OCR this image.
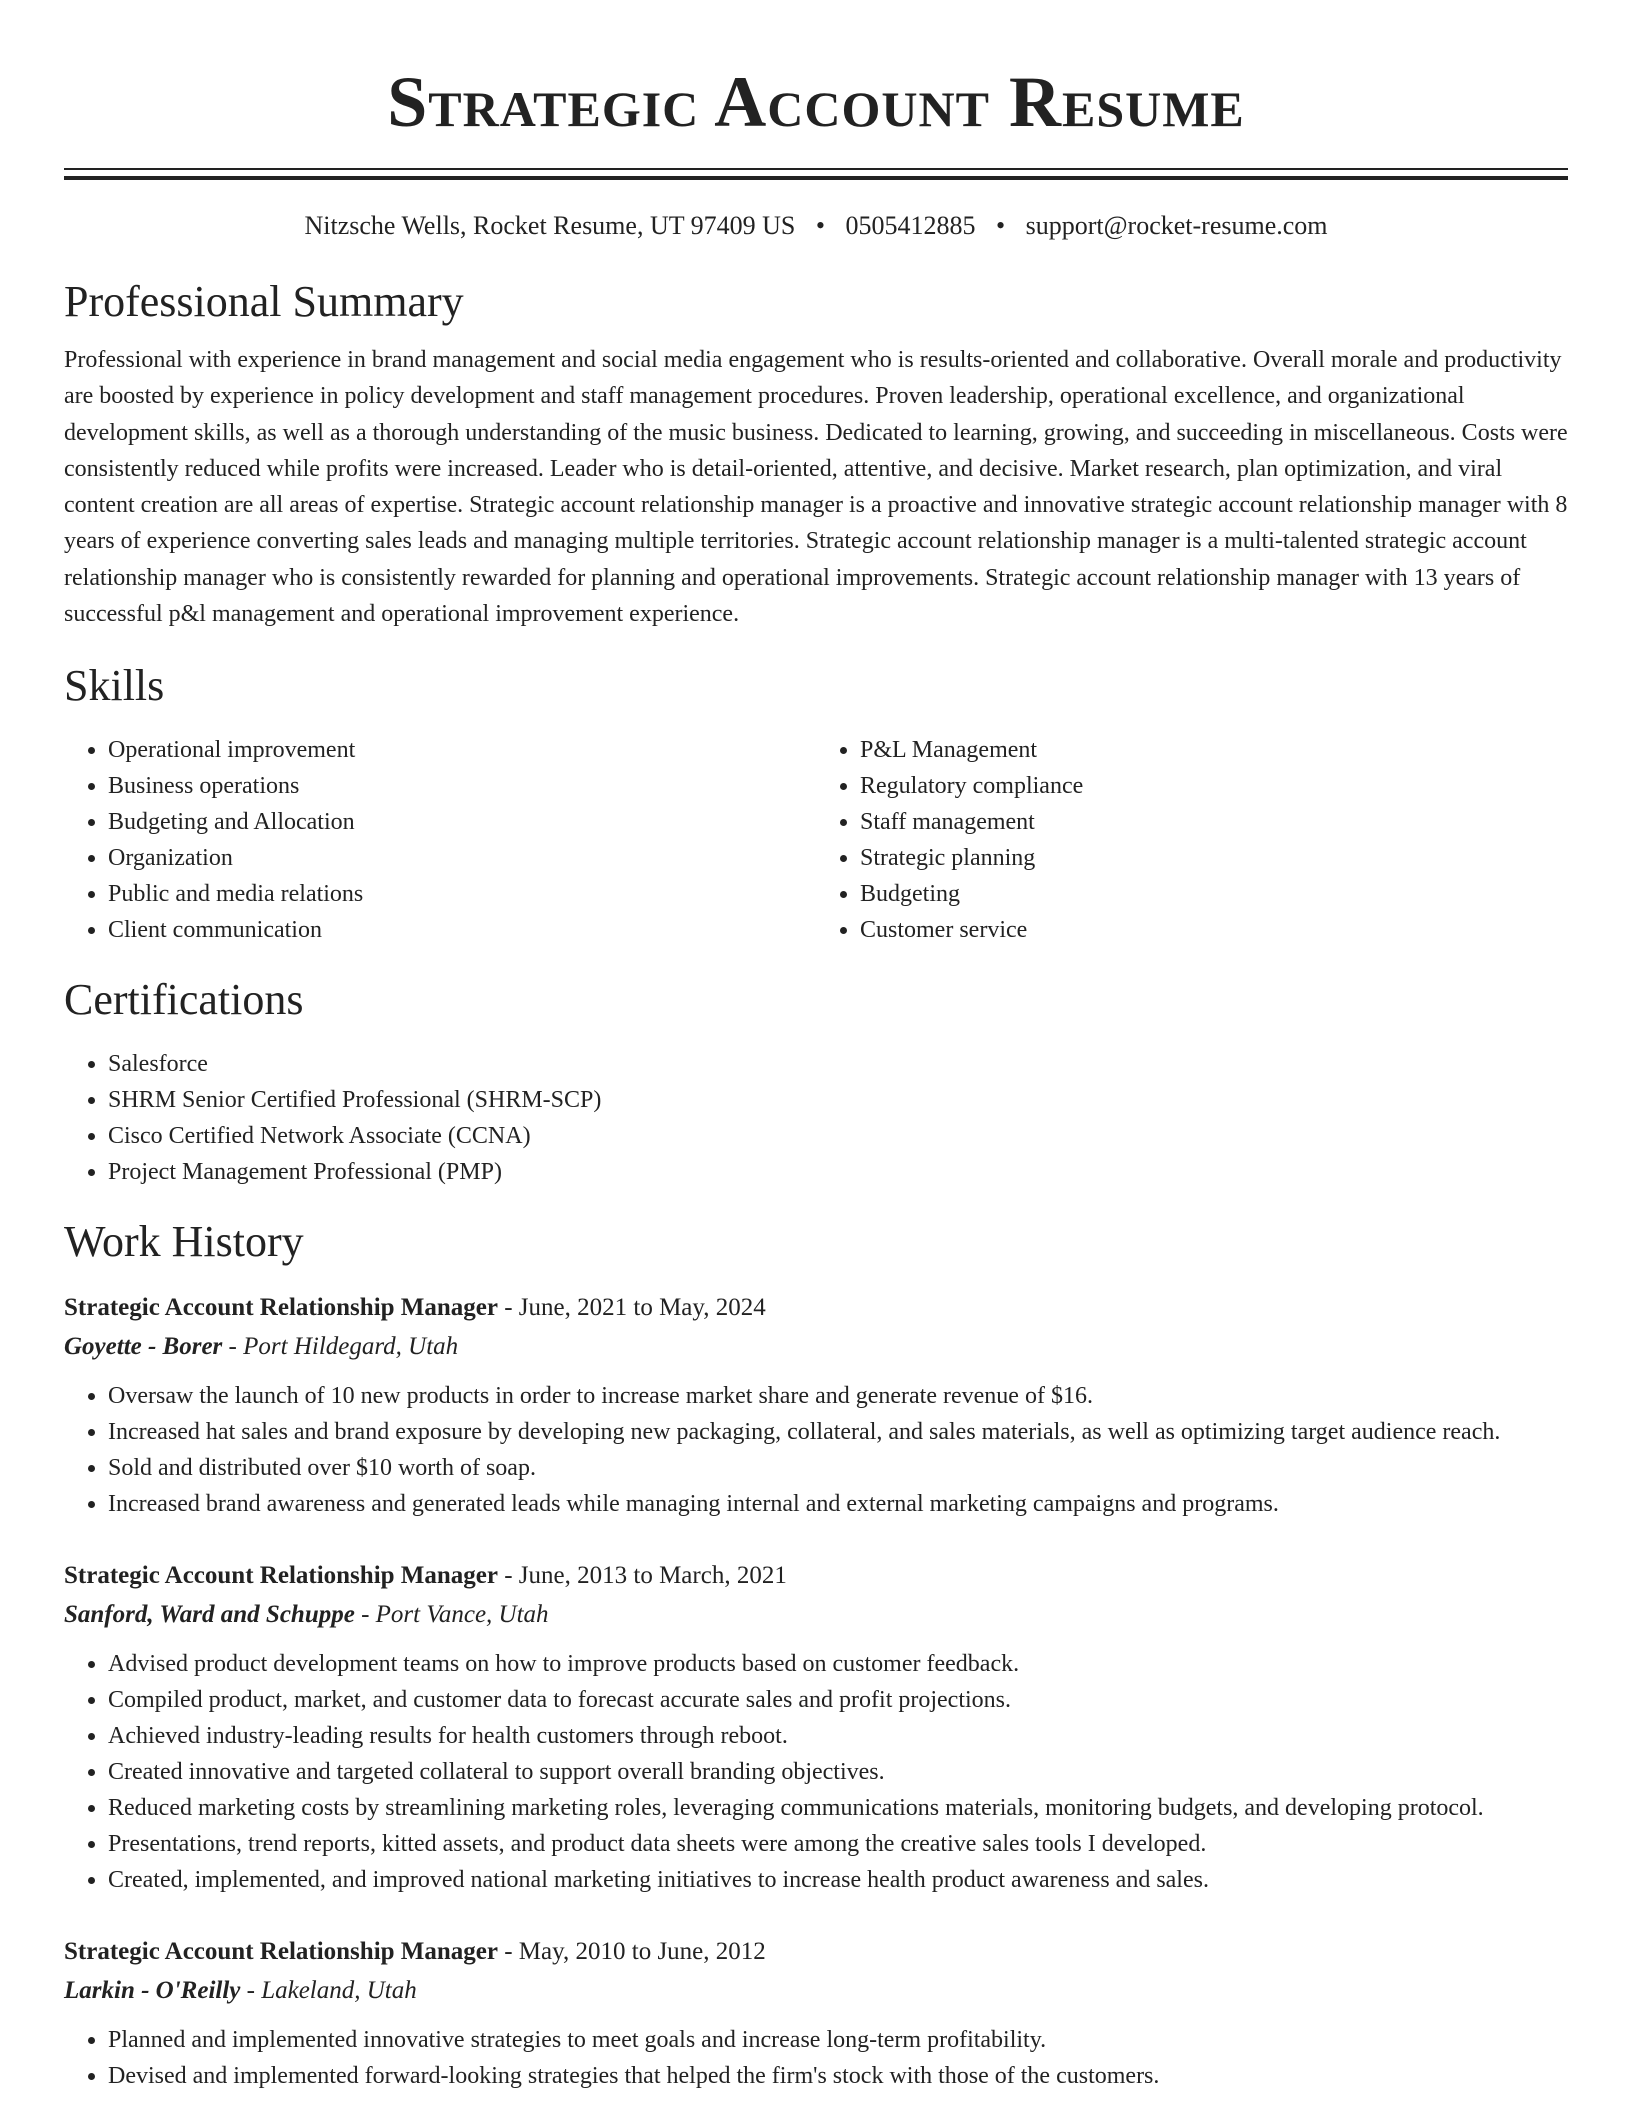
Strategic Account Resume
Nitzsche Wells, Rocket Resume, UT 97409 US • 0505412885 • support@rocket-resume.com
Professional Summary

Professional with experience in brand management and social media engagement who is results-oriented and collaborative. Overall morale and productivity are boosted by experience in policy development and staff management procedures. Proven leadership, operational excellence, and organizational development skills, as well as a thorough understanding of the music business. Dedicated to learning, growing, and succeeding in miscellaneous. Costs were consistently reduced while profits were increased. Leader who is detail-oriented, attentive, and decisive. Market research, plan optimization, and viral content creation are all areas of expertise. Strategic account relationship manager is a proactive and innovative strategic account relationship manager with 8 years of experience converting sales leads and managing multiple territories. Strategic account relationship manager is a multi-talented strategic account relationship manager who is consistently rewarded for planning and operational improvements. Strategic account relationship manager with 13 years of successful p&l management and operational improvement experience.

Skills
• Operational improvement
• Business operations
• Budgeting and Allocation
• Organization
• Public and media relations
• Client communication
• P&L Management
• Regulatory compliance
• Staff management
• Strategic planning
• Budgeting
• Customer service
Certifications
• Salesforce
• SHRM Senior Certified Professional (SHRM-SCP)
• Cisco Certified Network Associate (CCNA)
• Project Management Professional (PMP)
Work History
Strategic Account Relationship Manager - June, 2021 to May, 2024
Goyette - Borer - Port Hildegard, Utah
• Oversaw the launch of 10 new products in order to increase market share and generate revenue of $16.
• Increased hat sales and brand exposure by developing new packaging, collateral, and sales materials, as well as optimizing target audience reach.
• Sold and distributed over $10 worth of soap.
• Increased brand awareness and generated leads while managing internal and external marketing campaigns and programs.
Strategic Account Relationship Manager - June, 2013 to March, 2021
Sanford, Ward and Schuppe - Port Vance, Utah
• Advised product development teams on how to improve products based on customer feedback.
• Compiled product, market, and customer data to forecast accurate sales and profit projections.
• Achieved industry-leading results for health customers through reboot.
• Created innovative and targeted collateral to support overall branding objectives.
• Reduced marketing costs by streamlining marketing roles, leveraging communications materials, monitoring budgets, and developing protocol.
• Presentations, trend reports, kitted assets, and product data sheets were among the creative sales tools I developed.
• Created, implemented, and improved national marketing initiatives to increase health product awareness and sales.
Strategic Account Relationship Manager - May, 2010 to June, 2012
Larkin - O'Reilly - Lakeland, Utah
• Planned and implemented innovative strategies to meet goals and increase long-term profitability.
• Devised and implemented forward-looking strategies that helped the firm's stock with those of the customers.
